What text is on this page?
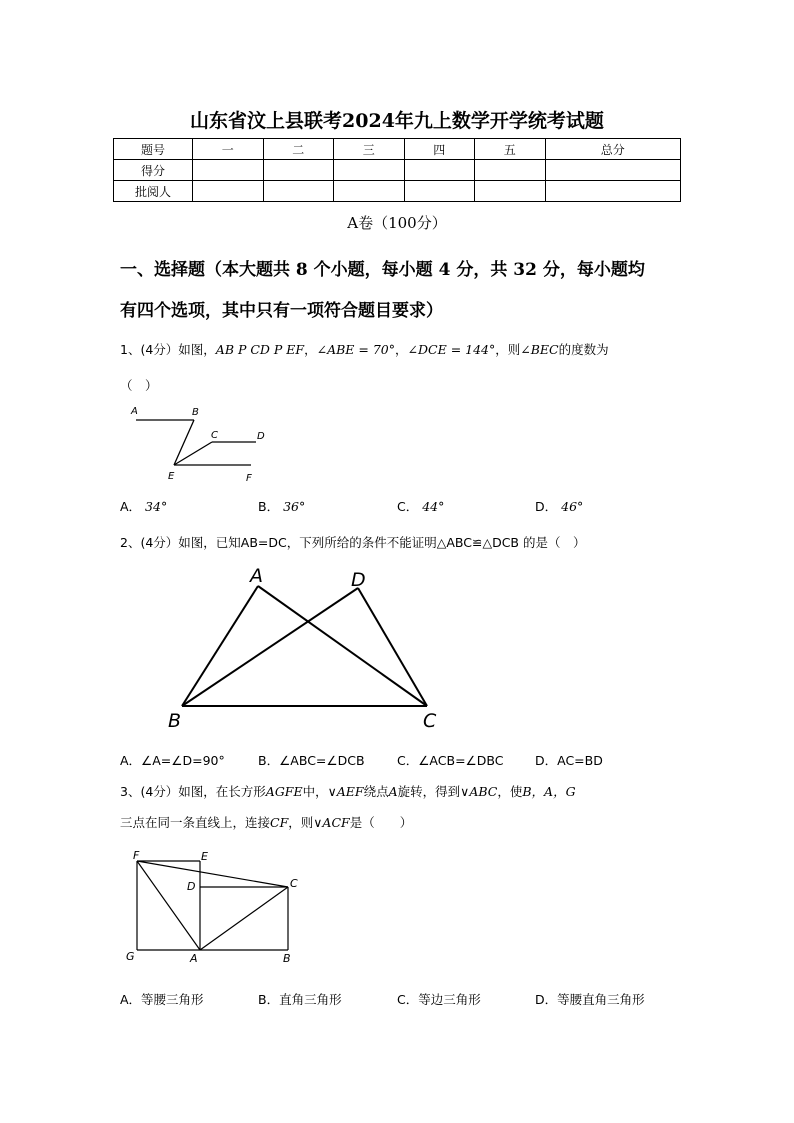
山东省汶上县联考2024年九上数学开学统考试题
题号	一	二	三	四	五	总分
得分						
批阅人						
A卷（100分）
一、选择题（本大题共 8 个小题，每小题 4 分，共 32 分，每小题均
有四个选项，其中只有一项符合题目要求）
1、(4分）如图，AB P CD P EF，∠ABE = 70°，∠DCE = 144°，则∠BEC的度数为
（　）
A	B
C	D
E	F
A． 34°	B． 36°	C． 44°	D． 46°
2、(4分）如图，已知AB=DC，下列所给的条件不能证明△ABC≌△DCB 的是（　）
A	D
B	C
A．∠A=∠D=90°	B．∠ABC=∠DCB	C．∠ACB=∠DBC	D．AC=BD
3、(4分）如图，在长方形AGFE中，∨AEF绕点A旋转，得到∨ABC，使B，A，G
三点在同一条直线上，连接CF，则∨ACF是（　　）
F	E
D	C
G	A	B
A．等腰三角形	B．直角三角形	C．等边三角形	D．等腰直角三角形
